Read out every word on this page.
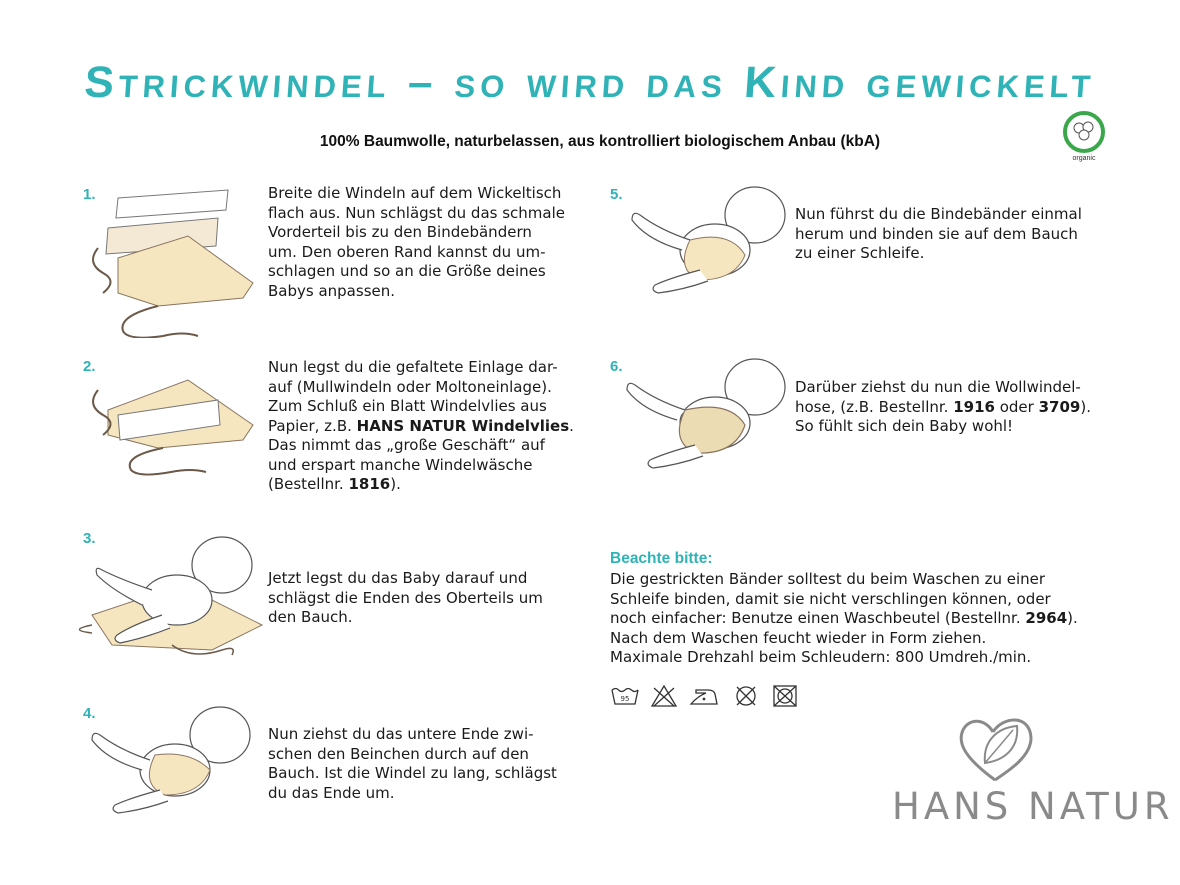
Strickwindel – so wird das Kind gewickelt
100% Baumwolle, naturbelassen, aus kontrolliert biologischem Anbau (kbA)
organic
1.	Breite die Windeln auf dem Wickeltisch
flach aus. Nun schlägst du das schmale
Vorderteil bis zu den Bindebändern
um. Den oberen Rand kannst du um-
schlagen und so an die Größe deines
Babys anpassen.
2.	Nun legst du die gefaltete Einlage dar-
auf (Mullwindeln oder Moltoneinlage).
Zum Schluß ein Blatt Windelvlies aus
Papier, z.B. HANS NATUR Windelvlies.
Das nimmt das „große Geschäft“ auf
und erspart manche Windelwäsche
(Bestellnr. 1816).
3.
Jetzt legst du das Baby darauf und
schlägst die Enden des Oberteils um
den Bauch.
4.
Nun ziehst du das untere Ende zwi-
schen den Beinchen durch auf den
Bauch. Ist die Windel zu lang, schlägst
du das Ende um.
5.
Nun führst du die Bindebänder einmal
herum und binden sie auf dem Bauch
zu einer Schleife.
6.
Darüber ziehst du nun die Wollwindel-
hose, (z.B. Bestellnr. 1916 oder 3709).
So fühlt sich dein Baby wohl!
Beachte bitte:
Die gestrickten Bänder solltest du beim Waschen zu einer
Schleife binden, damit sie nicht verschlingen können, oder
noch einfacher: Benutze einen Waschbeutel (Bestellnr. 2964).
Nach dem Waschen feucht wieder in Form ziehen.
Maximale Drehzahl beim Schleudern: 800 Umdreh./min.
95
HANS NATUR
